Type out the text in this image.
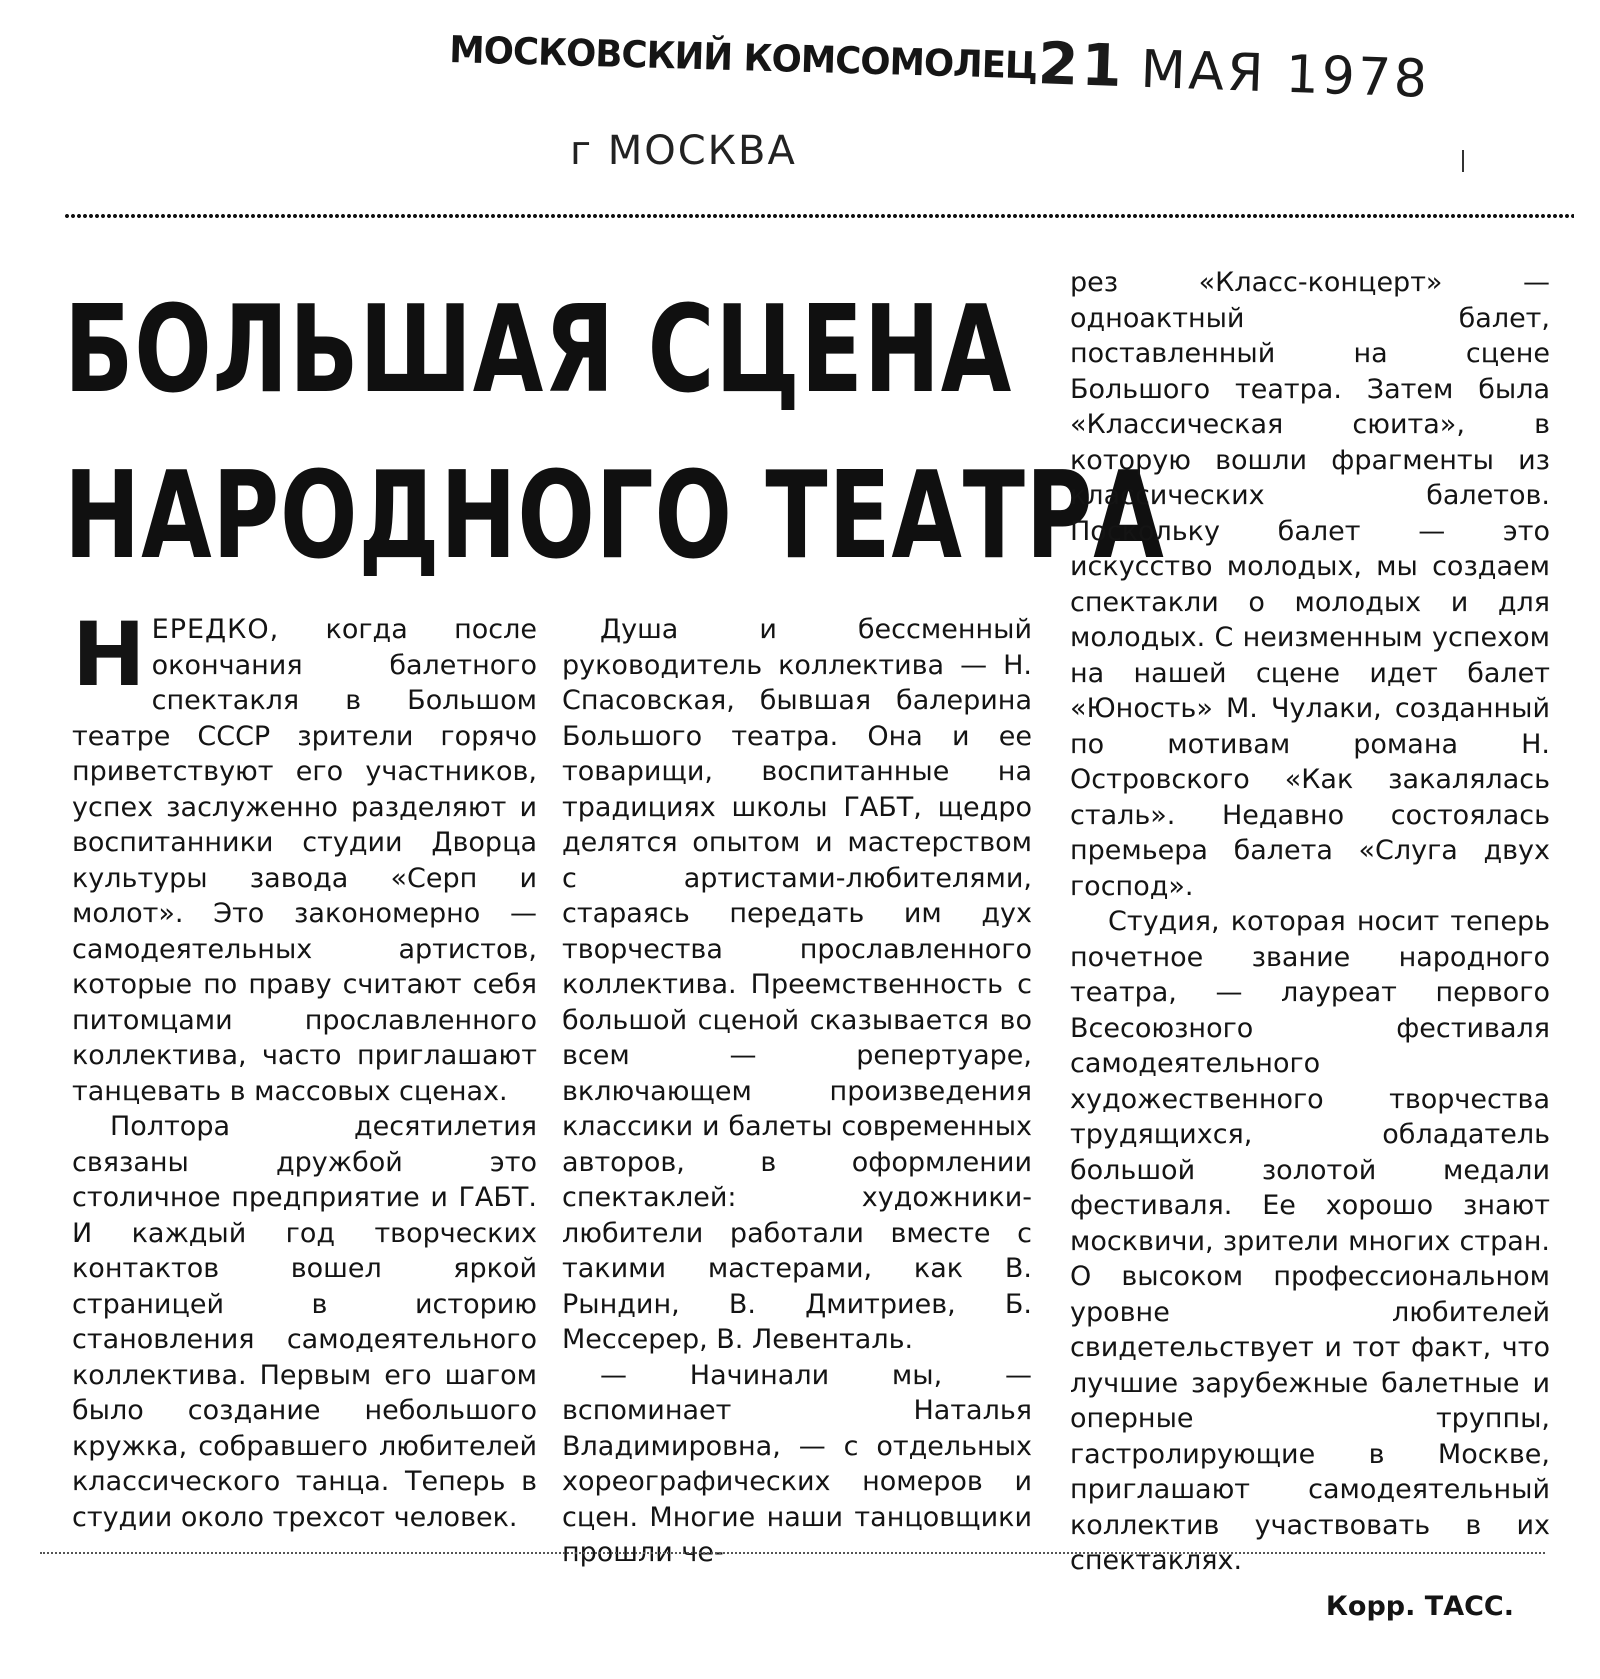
МОСКОВСКИЙ КОМСОМОЛЕЦ
г МОСКВА
21 МАЯ 1978
БОЛЬШАЯ СЦЕНА
НАРОДНОГО ТЕАТРА

НЕРЕДКО, когда после окончания балетного спектакля в Большом театре СССР зрители горячо приветствуют его участников, успех заслуженно разделяют и воспитанники студии Дворца культуры завода «Серп и молот». Это закономерно — самодеятельных артистов, которые по праву считают себя питомцами прославленного коллектива, часто приглашают танцевать в массовых сценах.

Полтора десятилетия связаны дружбой это столичное предприятие и ГАБТ. И каждый год творческих контактов вошел яркой страницей в историю становления самодеятельного коллектива. Первым его шагом было создание небольшого кружка, собравшего любителей классического танца. Теперь в студии около трехсот человек.

Душа и бессменный руководитель коллектива — Н. Спасовская, бывшая балерина Большого театра. Она и ее товарищи, воспитанные на традициях школы ГАБТ, щедро делятся опытом и мастерством с артистами-любителями, стараясь передать им дух творчества прославленного коллектива. Преемственность с большой сценой сказывается во всем — репертуаре, включающем произведения классики и балеты современных авторов, в оформлении спектаклей: художники-любители работали вместе с такими мастерами, как В. Рындин, В. Дмитриев, Б. Мессерер, В. Левенталь.

— Начинали мы, — вспоминает Наталья Владимировна, — с отдельных хореографических номеров и сцен. Многие наши танцовщики прошли че-

рез «Класс-концерт» — одноактный балет, поставленный на сцене Большого театра. Затем была «Классическая сюита», в которую вошли фрагменты из классических балетов. Поскольку балет — это искусство молодых, мы создаем спектакли о молодых и для молодых. С неизменным успехом на нашей сцене идет балет «Юность» М. Чулаки, созданный по мотивам романа Н. Островского «Как закалялась сталь». Недавно состоялась премьера балета «Слуга двух господ».

Студия, которая носит теперь почетное звание народного театра, — лауреат первого Всесоюзного фестиваля самодеятельного художественного творчества трудящихся, обладатель большой золотой медали фестиваля. Ее хорошо знают москвичи, зрители многих стран. О высоком профессиональном уровне любителей свидетельствует и тот факт, что лучшие зарубежные балетные и оперные труппы, гастролирующие в Москве, приглашают самодеятельный коллектив участвовать в их спектаклях.

Корр. ТАСС.
